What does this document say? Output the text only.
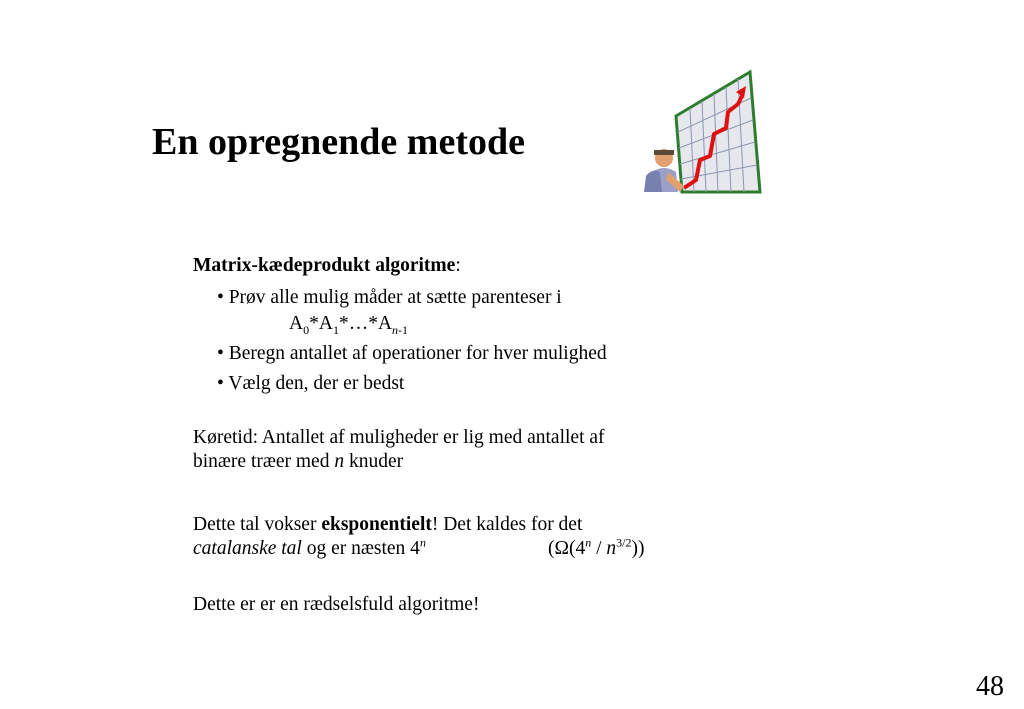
En opregnende metode
Matrix-kædeprodukt algoritme:
• Prøv alle mulig måder at sætte parenteser i
$A_0*A_1*\dots*A_{n-1}$
• Beregn antallet af operationer for hver mulighed
• Vælg den, der er bedst
Køretid: Antallet af muligheder er lig med antallet af
binære træer med n knuder
Dette tal vokser eksponentielt! Det kaldes for det
catalanske tal og er næsten 4$^n$	$(\Omega(4^n / n^{3/2}))$
Dette er er en rædselsfuld algoritme!
48
